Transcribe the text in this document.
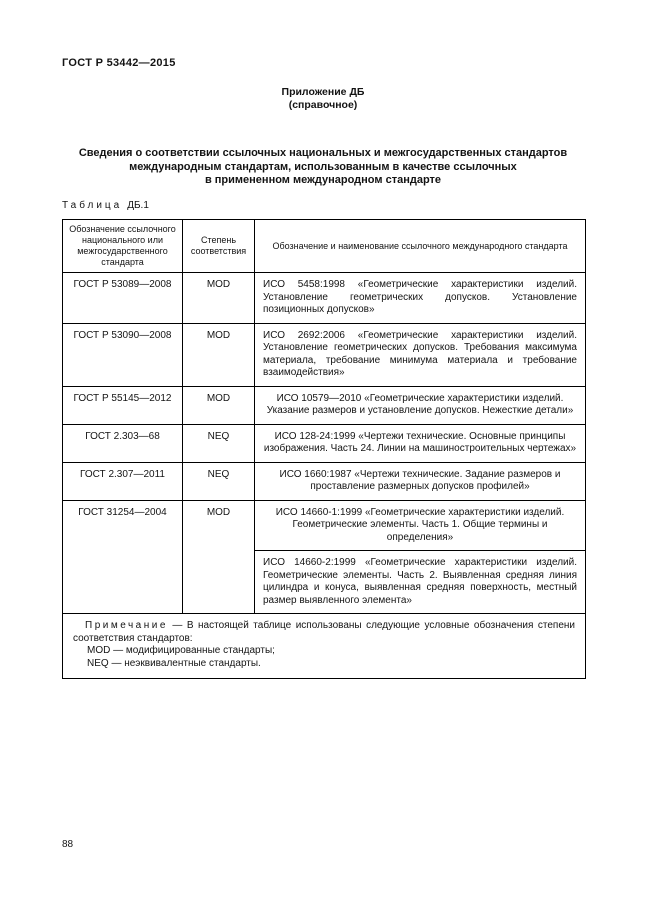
ГОСТ Р 53442—2015
Приложение ДБ
(справочное)
Сведения о соответствии ссылочных национальных и межгосударственных стандартов
международным стандартам, использованным в качестве ссылочных
в примененном международном стандарте
Таблица ДБ.1
Обозначение ссылочного национального или межгосударственного стандарта	Степень соответствия	Обозначение и наименование ссылочного международного стандарта
ГОСТ Р 53089—2008	MOD	ИСО 5458:1998 «Геометрические характеристики изделий. Установление геометрических допусков. Установление позиционных допусков»
ГОСТ Р 53090—2008	MOD	ИСО 2692:2006 «Геометрические характеристики изделий. Установление геометрических допусков. Требования максимума материала, требование минимума материала и требование взаимодействия»
ГОСТ Р 55145—2012	MOD	ИСО 10579—2010 «Геометрические характеристики изделий. Указание размеров и установление допусков. Нежесткие детали»
ГОСТ 2.303—68	NEQ	ИСО 128-24:1999 «Чертежи технические. Основные принципы изображения. Часть 24. Линии на машиностроительных чертежах»
ГОСТ 2.307—2011	NEQ	ИСО 1660:1987 «Чертежи технические. Задание размеров и проставление размерных допусков профилей»
ГОСТ 31254—2004	MOD	ИСО 14660-1:1999 «Геометрические характеристики изделий. Геометрические элементы. Часть 1. Общие термины и определения»
		ИСО 14660-2:1999 «Геометрические характеристики изделий. Геометрические элементы. Часть 2. Выявленная средняя линия цилиндра и конуса, выявленная средняя поверхность, местный размер выявленного элемента»

Примечание — В настоящей таблице использованы следующие условные обозначения степени соответствия стандартов:
MOD — модифицированные стандарты;
NEQ — неэквивалентные стандарты.		
88
